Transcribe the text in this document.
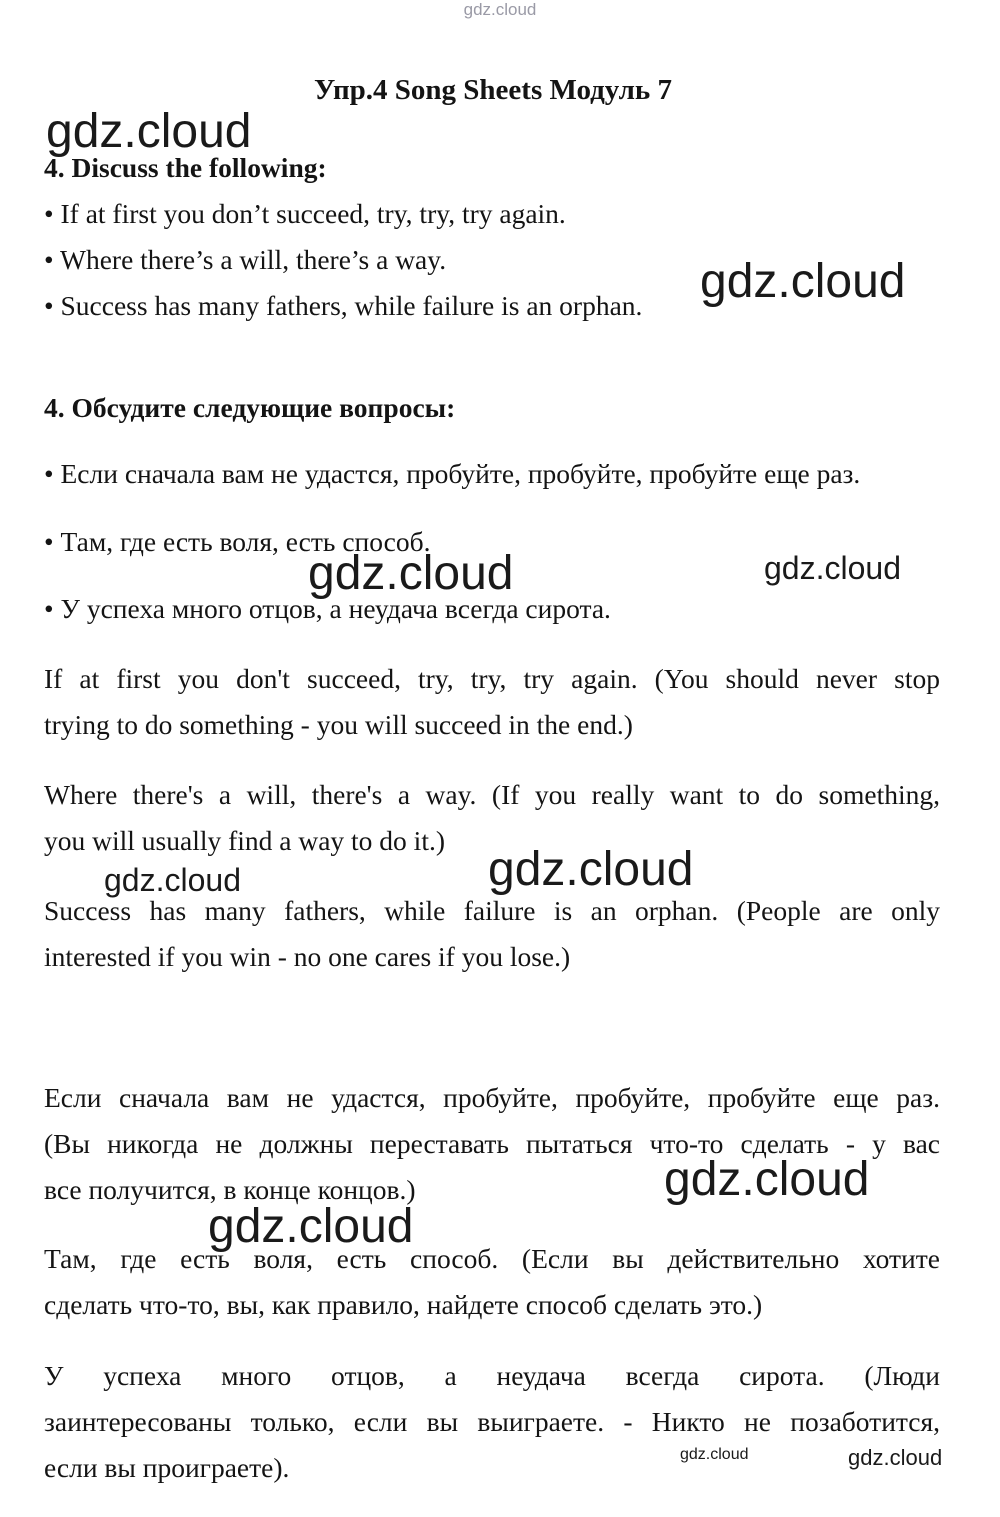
gdz.cloud
Упр.4 Song Sheets Модуль 7
4. Discuss the following:
• If at first you don’t succeed, try, try, try again.
• Where there’s a will, there’s a way.
• Success has many fathers, while failure is an orphan.
4. Обсудите следующие вопросы:
• Если сначала вам не удастся, пробуйте, пробуйте, пробуйте еще раз.
• Там, где есть воля, есть способ.
• У успеха много отцов, а неудача всегда сирота.
If at first you don't succeed, try, try, try again. (You should never stop
trying to do something - you will succeed in the end.)
Where there's a will, there's a way. (If you really want to do something,
you will usually find a way to do it.)
Success has many fathers, while failure is an orphan. (People are only
interested if you win - no one cares if you lose.)
Если сначала вам не удастся, пробуйте, пробуйте, пробуйте еще раз.
(Вы никогда не должны переставать пытаться что-то сделать - у вас
все получится, в конце концов.)
Там, где есть воля, есть способ. (Если вы действительно хотите
сделать что-то, вы, как правило, найдете способ сделать это.)
У успеха много отцов, а неудача всегда сирота. (Люди
заинтересованы только, если вы выиграете. - Никто не позаботится,
если вы проиграете).
gdz.cloud
gdz.cloud
gdz.cloud	gdz.cloud
gdz.cloud	gdz.cloud
gdz.cloud
gdz.cloud
gdz.cloud	gdz.cloud
